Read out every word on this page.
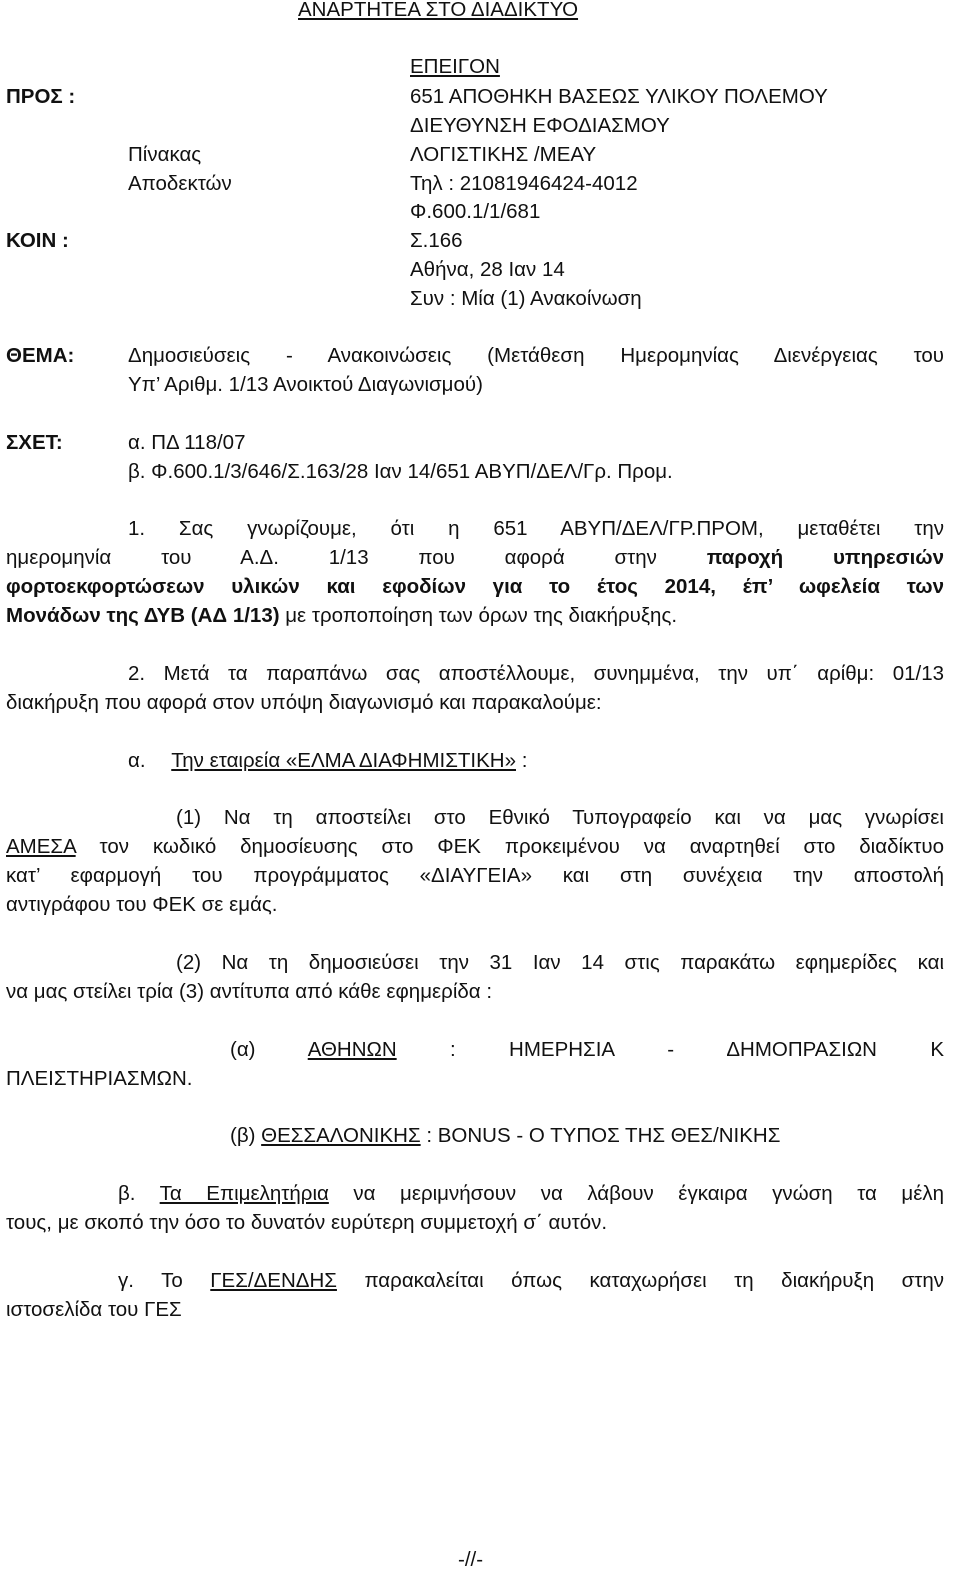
ΑΝΑΡΤΗΤΕΑ ΣΤΟ ΔΙΑΔΙΚΤΥΟ
ΕΠΕΙΓΟΝ
ΠΡΟΣ :
Πίνακας
Αποδεκτών
ΚΟΙΝ :
651 ΑΠΟΘΗΚΗ ΒΑΣΕΩΣ ΥΛΙΚΟΥ ΠΟΛΕΜΟΥ
ΔΙΕΥΘΥΝΣΗ ΕΦΟΔΙΑΣΜΟΥ
ΛΟΓΙΣΤΙΚΗΣ /ΜΕΑΥ
Τηλ : 21081946424-4012
Φ.600.1/1/681
Σ.166
Αθήνα, 28 Ιαν 14
Συν : Μία (1) Ανακοίνωση
ΘΕΜΑ:	Δημοσιεύσεις - Ανακοινώσεις (Μετάθεση Ημερομηνίας Διενέργειας του
Υπ’ Αριθμ. 1/13 Ανοικτού Διαγωνισμού)
ΣΧΕΤ:	α. ΠΔ 118/07
β. Φ.600.1/3/646/Σ.163/28 Ιαν 14/651 ΑΒΥΠ/ΔΕΛ/Γρ. Προμ.
1. Σας γνωρίζουμε, ότι η 651 ΑΒΥΠ/ΔΕΛ/ΓΡ.ΠΡΟΜ, μεταθέτει την
ημερομηνία του Α.Δ. 1/13 που αφορά στην παροχή υπηρεσιών
φορτοεκφορτώσεων υλικών και εφοδίων για το έτος 2014, έπ’ ωφελεία των
Μονάδων της ΔΥΒ (ΑΔ 1/13) με τροποποίηση των όρων της διακήρυξης.
2. Μετά τα παραπάνω σας αποστέλλουμε, συνημμένα, την υπ΄ αρίθμ: 01/13
διακήρυξη που αφορά στον υπόψη διαγωνισμό και παρακαλούμε:
α. Την εταιρεία «ΕΛΜΑ ΔΙΑΦΗΜΙΣΤΙΚΗ» :
(1) Να τη αποστείλει στο Εθνικό Τυπογραφείο και να μας γνωρίσει
ΑΜΕΣΑ τον κωδικό δημοσίευσης στο ΦΕΚ προκειμένου να αναρτηθεί στο διαδίκτυο
κατ’ εφαρμογή του προγράμματος «ΔΙΑΥΓΕΙΑ» και στη συνέχεια την αποστολή
αντιγράφου του ΦΕΚ σε εμάς.
(2) Να τη δημοσιεύσει την 31 Ιαν 14 στις παρακάτω εφημερίδες και
να μας στείλει τρία (3) αντίτυπα από κάθε εφημερίδα :
(α) ΑΘΗΝΩΝ : ΗΜΕΡΗΣΙΑ - ΔΗΜΟΠΡΑΣΙΩΝ Κ
ΠΛΕΙΣΤΗΡΙΑΣΜΩΝ.
(β) ΘΕΣΣΑΛΟΝΙΚΗΣ : BONUS - Ο ΤΥΠΟΣ ΤΗΣ ΘΕΣ/ΝΙΚΗΣ
β. Τα Επιμελητήρια να μεριμνήσουν να λάβουν έγκαιρα γνώση τα μέλη
τους, με σκοπό την όσο το δυνατόν ευρύτερη συμμετοχή σ΄ αυτόν.
γ. Το ΓΕΣ/ΔΕΝΔΗΣ παρακαλείται όπως καταχωρήσει τη διακήρυξη στην
ιστοσελίδα του ΓΕΣ
-//-
